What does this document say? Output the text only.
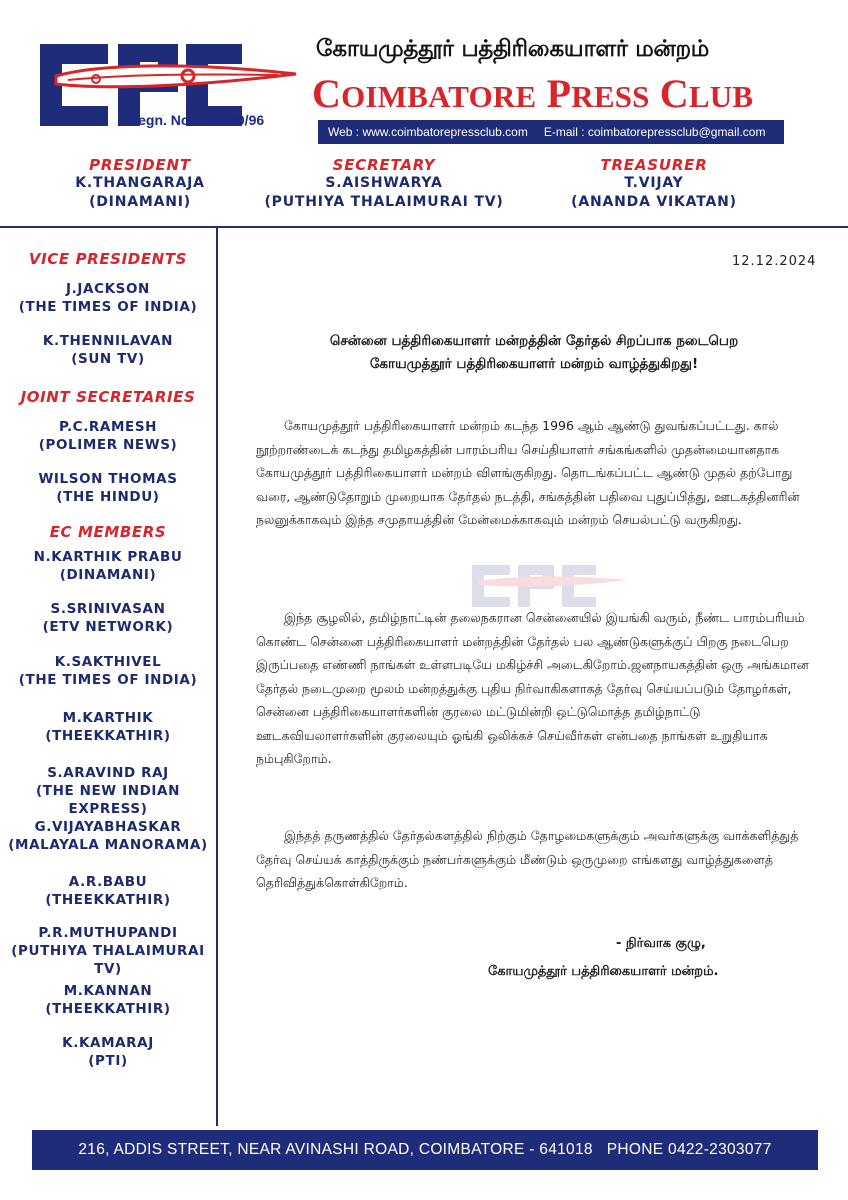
Regn. No. TNS/40/96
கோயமுத்தூர் பத்திரிகையாளர் மன்றம்
COIMBATORE PRESS CLUB
Web : www.coimbatorepressclub.com E-mail : coimbatorepressclub@gmail.com
PRESIDENT
K.THANGARAJA
(DINAMANI)
SECRETARY
S.AISHWARYA
(PUTHIYA THALAIMURAI TV)
TREASURER
T.VIJAY
(ANANDA VIKATAN)
VICE PRESIDENTS
J.JACKSON
(THE TIMES OF INDIA)
K.THENNILAVAN
(SUN TV)
JOINT SECRETARIES
P.C.RAMESH
(POLIMER NEWS)
WILSON THOMAS
(THE HINDU)
EC MEMBERS
N.KARTHIK PRABU
(DINAMANI)
S.SRINIVASAN
(ETV NETWORK)
K.SAKTHIVEL
(THE TIMES OF INDIA)
M.KARTHIK
(THEEKKATHIR)
S.ARAVIND RAJ
(THE NEW INDIAN EXPRESS)
G.VIJAYABHASKAR
(MALAYALA MANORAMA)
A.R.BABU
(THEEKKATHIR)
P.R.MUTHUPANDI
(PUTHIYA THALAIMURAI TV)
M.KANNAN
(THEEKKATHIR)
K.KAMARAJ
(PTI)
12.12.2024
சென்னை பத்திரிகையாளர் மன்றத்தின் தேர்தல் சிறப்பாக நடைபெற
கோயமுத்தூர் பத்திரிகையாளர் மன்றம் வாழ்த்துகிறது!

கோயமுத்தூர் பத்திரிகையாளர் மன்றம் கடந்த 1996 ஆம் ஆண்டு துவங்கப்பட்டது. கால் நூற்றாண்டைக் கடந்து தமிழகத்தின் பாரம்பரிய செய்தியாளர் சங்கங்களில் முதன்மையானதாக கோயமுத்தூர் பத்திரிகையாளர் மன்றம் விளங்குகிறது. தொடங்கப்பட்ட ஆண்டு முதல் தற்போது வரை, ஆண்டுதோறும் முறையாக தேர்தல் நடத்தி, சங்கத்தின் பதிவை புதுப்பித்து, ஊடகத்தினரின் நலனுக்காகவும் இந்த சமுதாயத்தின் மேன்மைக்காகவும் மன்றம் செயல்பட்டு வருகிறது.

இந்த சூழலில், தமிழ்நாட்டின் தலைநகரான சென்னையில் இயங்கி வரும், நீண்ட பாரம்பரியம் கொண்ட சென்னை பத்திரிகையாளர் மன்றத்தின் தேர்தல் பல ஆண்டுகளுக்குப் பிறகு நடைபெற இருப்பதை எண்ணி நாங்கள் உள்ளபடியே மகிழ்ச்சி அடைகிறோம்.ஜனநாயகத்தின் ஒரு அங்கமான தேர்தல் நடைமுறை மூலம் மன்றத்துக்கு புதிய நிர்வாகிகளாகத் தேர்வு செய்யப்படும் தோழர்கள், சென்னை பத்திரிகையாளர்களின் குரலை மட்டுமின்றி ஒட்டுமொத்த தமிழ்நாட்டு ஊடகவியலாளர்களின் குரலையும் ஓங்கி ஒலிக்கச் செய்வீர்கள் என்பதை நாங்கள் உறுதியாக நம்புகிறோம்.

இந்தத் தருணத்தில் தேர்தல்களத்தில் நிற்கும் தோழமைகளுக்கும் அவர்களுக்கு வாக்களித்துத் தேர்வு செய்யக் காத்திருக்கும் நண்பர்களுக்கும் மீண்டும் ஒருமுறை எங்களது வாழ்த்துகளைத் தெரிவித்துக்கொள்கிறோம்.

- நிர்வாக குழு,
கோயமுத்தூர் பத்திரிகையாளர் மன்றம்.
216, ADDIS STREET, NEAR AVINASHI ROAD, COIMBATORE - 641018 PHONE 0422-2303077
